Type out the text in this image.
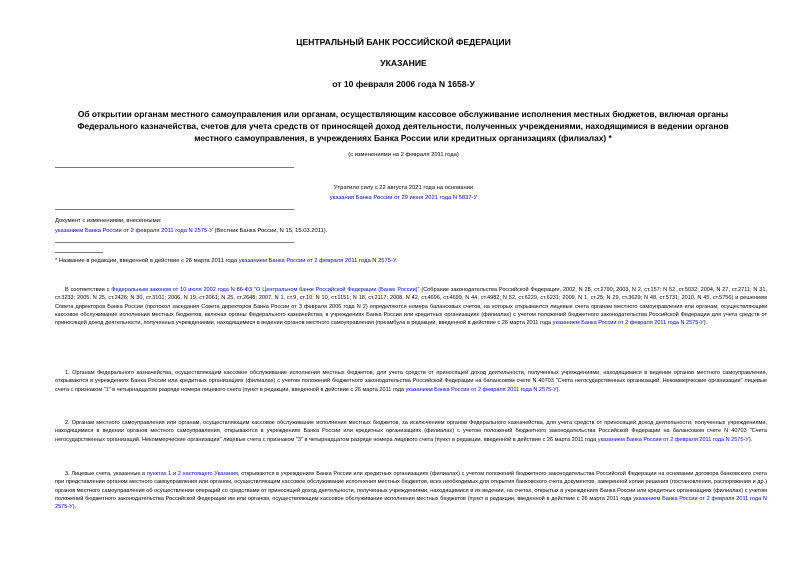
ЦЕНТРАЛЬНЫЙ БАНК РОССИЙСКОЙ ФЕДЕРАЦИИ
УКАЗАНИЕ
от 10 февраля 2006 года N 1658-У
Об открытии органам местного самоуправления или органам, осуществляющим кассовое обслуживание исполнения местных бюджетов, включая органы Федерального казначейства, счетов для учета средств от приносящей доход деятельности, полученных учреждениями, находящимися в ведении органов местного самоуправления, в учреждениях Банка России или кредитных организациях (филиалах) *
(с изменениями на 2 февраля 2011 года)
Утратило силу с 22 августа 2021 года на основании
указания Банка России от 29 июня 2021 года N 5837-У
Документ с изменениями, внесенными:
указанием Банка России от 2 февраля 2011 года N 2575-У (Вестник Банка России, N 15, 15.03.2011).
* Название в редакции, введенной в действие с 26 марта 2011 года указанием Банка России от 2 февраля 2011 года N 2575-У.
В соответствии с Федеральным законом от 10 июля 2002 года N 86-ФЗ "О Центральном банке Российской Федерации (Банке России)" (Собрание законодательства Российской Федерации, 2002, N 28, ст.2790; 2003, N 2, ст.157; N 52, ст.5032; 2004, N 27, ст.2711; N 31, ст.3233; 2005, N 25, ст.2426; N 30, ст.3101; 2006, N 19, ст.2061; N 25, ст.2648; 2007, N 1, ст.9, ст.10; N 10, ст.1151; N 18, ст.2117; 2008, N 42, ст.4696, ст.4699, N 44, ст.4982; N 52, ст.6229, ст.6231; 2009, N 1, ст.25; N 29, ст.3629; N 48, ст.5731; 2010, N 45, ст.5756) и решением Совета директоров Банка России (протокол заседания Совета директоров Банка России от 3 февраля 2006 года N 2) определяются номера балансовых счетов, на которых открываются лицевые счета органам местного самоуправления или органам, осуществляющим кассовое обслуживание исполнения местных бюджетов, включая органы Федерального казначейства, в учреждениях Банка России или кредитных организациях (филиалах) с учетом положений бюджетного законодательства Российской Федерации для учета средств от приносящей доход деятельности, полученных учреждениями, находящимися в ведении органов местного самоуправления (преамбула в редакции, введенной в действие с 26 марта 2011 года указанием Банка России от 2 февраля 2011 года N 2575-У).
1. Органам Федерального казначейства, осуществляющим кассовое обслуживание исполнения местных бюджетов, для учета средств от приносящей доход деятельности, полученных учреждениями, находящимися в ведении органов местного самоуправления, открываются в учреждениях Банка России или кредитных организациях (филиалах) с учетом положений бюджетного законодательства Российской Федерации на балансовом счете N 40703 "Счета негосударственных организаций. Некоммерческие организации" лицевые счета с признаком "1" в четырнадцатом разряде номера лицевого счета (пункт в редакции, введенной в действие с 26 марта 2011 года указанием Банка России от 2 февраля 2011 года N 2575-У).
2. Органам местного самоуправления или органам, осуществляющим кассовое обслуживание исполнения местных бюджетов, за исключением органов Федерального казначейства, для учета средств от приносящей доход деятельности, полученных учреждениями, находящимися в ведении органов местного самоуправления, открываются в учреждениях Банка России или кредитных организациях (филиалах) с учетом положений бюджетного законодательства Российской Федерации на балансовом счете N 40703 "Счета негосударственных организаций. Некоммерческие организации" лицевые счета с признаком "3" в четырнадцатом разряде номера лицевого счета (пункт в редакции, введенной в действие с 26 марта 2011 года указанием Банка России от 2 февраля 2011 года N 2575-У).
3. Лицевые счета, указанные в пунктах 1 и 2 настоящего Указания, открываются в учреждениях Банка России или кредитных организациях (филиалах) с учетом положений бюджетного законодательства Российской Федерации на основании договора банковского счета при представлении органом местного самоуправления или органом, осуществляющим кассовое обслуживание исполнения местных бюджетов, всех необходимых для открытия банковского счета документов, заверенной копии решения (постановления, распоряжения и др.) органов местного самоуправления об осуществлении операций со средствами от приносящей доход деятельности, полученных учреждениями, находящимися в их ведении, на счетах, открытых в учреждениях Банка России или кредитных организациях (филиалах) с учетом положений бюджетного законодательства Российской Федерации им или органом, осуществляющим кассовое обслуживание исполнения местных бюджетов (пункт в редакции, введенной в действие с 26 марта 2011 года указанием Банка России от 2 февраля 2011 года N 2575-У).
